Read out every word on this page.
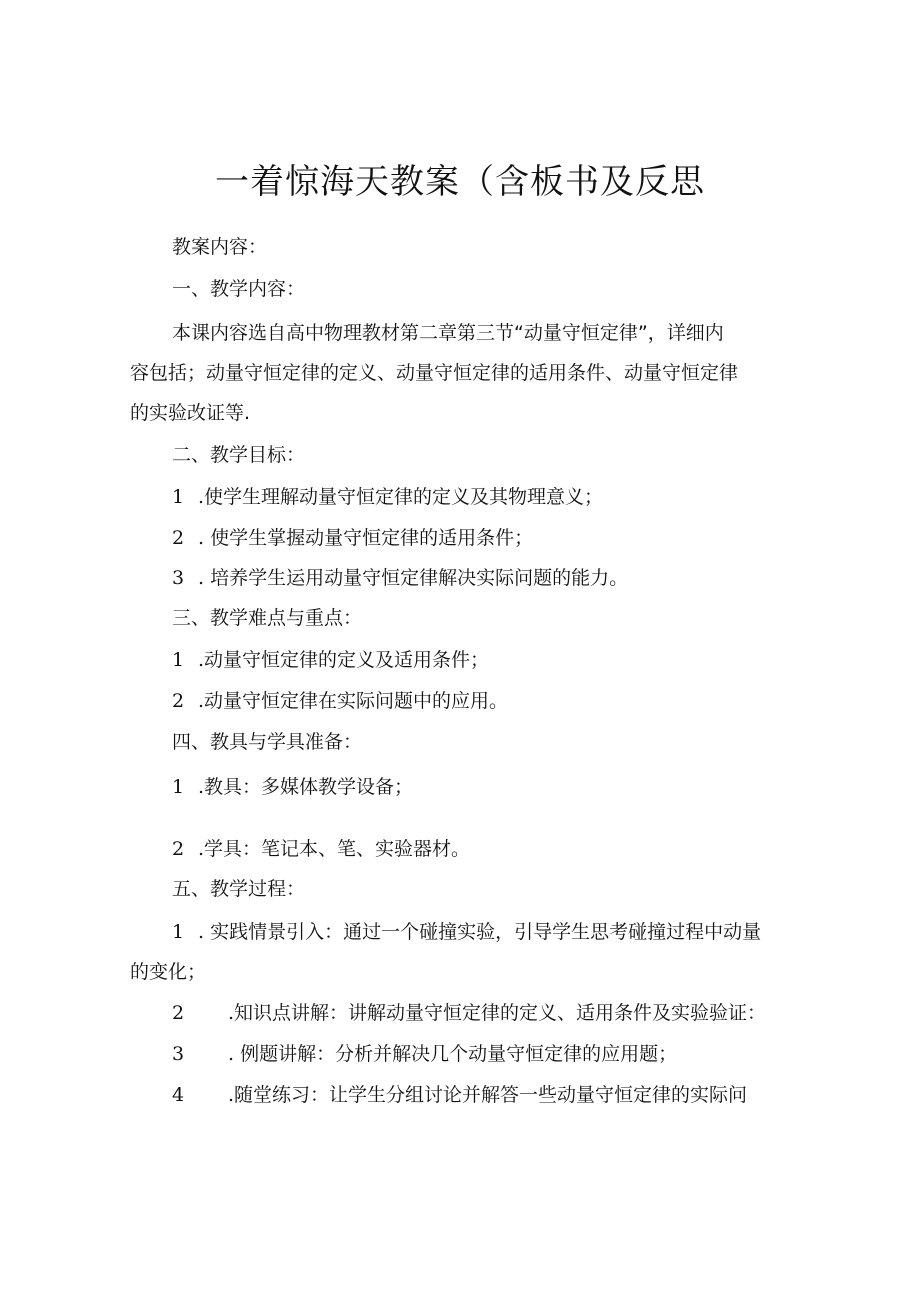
一着惊海天教案（含板书及反思
教案内容：
一、教学内容：
本课内容选自高中物理教材第二章第三节“动量守恒定律”，详细内
容包括；动量守恒定律的定义、动量守恒定律的适用条件、动量守恒定律
的实验改证等.
二、教学目标：
1 .使学生理解动量守恒定律的定义及其物理意义；
2 . 使学生掌握动量守恒定律的适用条件；
3 . 培养学生运用动量守恒定律解决实际问题的能力。
三、教学难点与重点：
1 .动量守恒定律的定义及适用条件；
2 .动量守恒定律在实际问题中的应用。
四、教具与学具准备：
1 .教具：多媒体教学设备；
2 .学具：笔记本、笔、实验器材。
五、教学过程：
1 . 实践情景引入：通过一个碰撞实验，引导学生思考碰撞过程中动量
的变化；
2 .知识点讲解：讲解动量守恒定律的定义、适用条件及实验验证：
3 . 例题讲解：分析并解决几个动量守恒定律的应用题；
4 .随堂练习：让学生分组讨论并解答一些动量守恒定律的实际问
